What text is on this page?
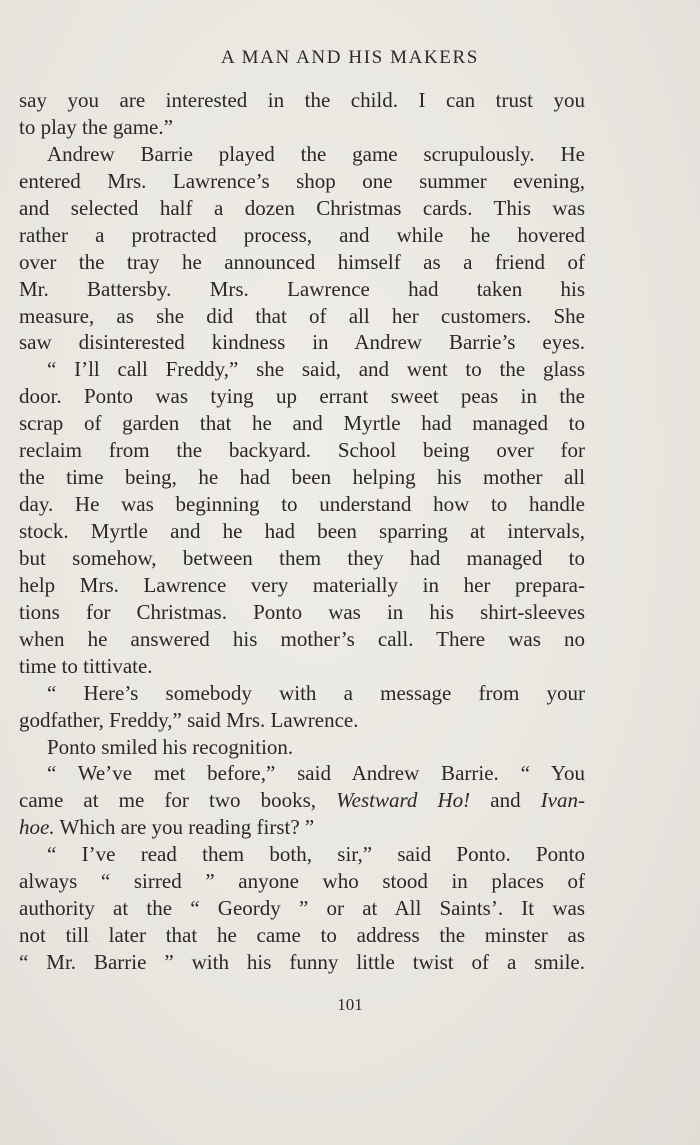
A MAN AND HIS MAKERS
say you are interested in the child. I can trust you
to play the game.”
Andrew Barrie played the game scrupulously. He
entered Mrs. Lawrence’s shop one summer evening,
and selected half a dozen Christmas cards. This was
rather a protracted process, and while he hovered
over the tray he announced himself as a friend of
Mr. Battersby. Mrs. Lawrence had taken his
measure, as she did that of all her customers. She
saw disinterested kindness in Andrew Barrie’s eyes.
“ I’ll call Freddy,” she said, and went to the glass
door. Ponto was tying up errant sweet peas in the
scrap of garden that he and Myrtle had managed to
reclaim from the backyard. School being over for
the time being, he had been helping his mother all
day. He was beginning to understand how to handle
stock. Myrtle and he had been sparring at intervals,
but somehow, between them they had managed to
help Mrs. Lawrence very materially in her prepara-
tions for Christmas. Ponto was in his shirt-sleeves
when he answered his mother’s call. There was no
time to tittivate.
“ Here’s somebody with a message from your
godfather, Freddy,” said Mrs. Lawrence.
Ponto smiled his recognition.
“ We’ve met before,” said Andrew Barrie. “ You
came at me for two books, Westward Ho! and Ivan-
hoe. Which are you reading first? ”
“ I’ve read them both, sir,” said Ponto. Ponto
always “ sirred ” anyone who stood in places of
authority at the “ Geordy ” or at All Saints’. It was
not till later that he came to address the minster as
“ Mr. Barrie ” with his funny little twist of a smile.
101
